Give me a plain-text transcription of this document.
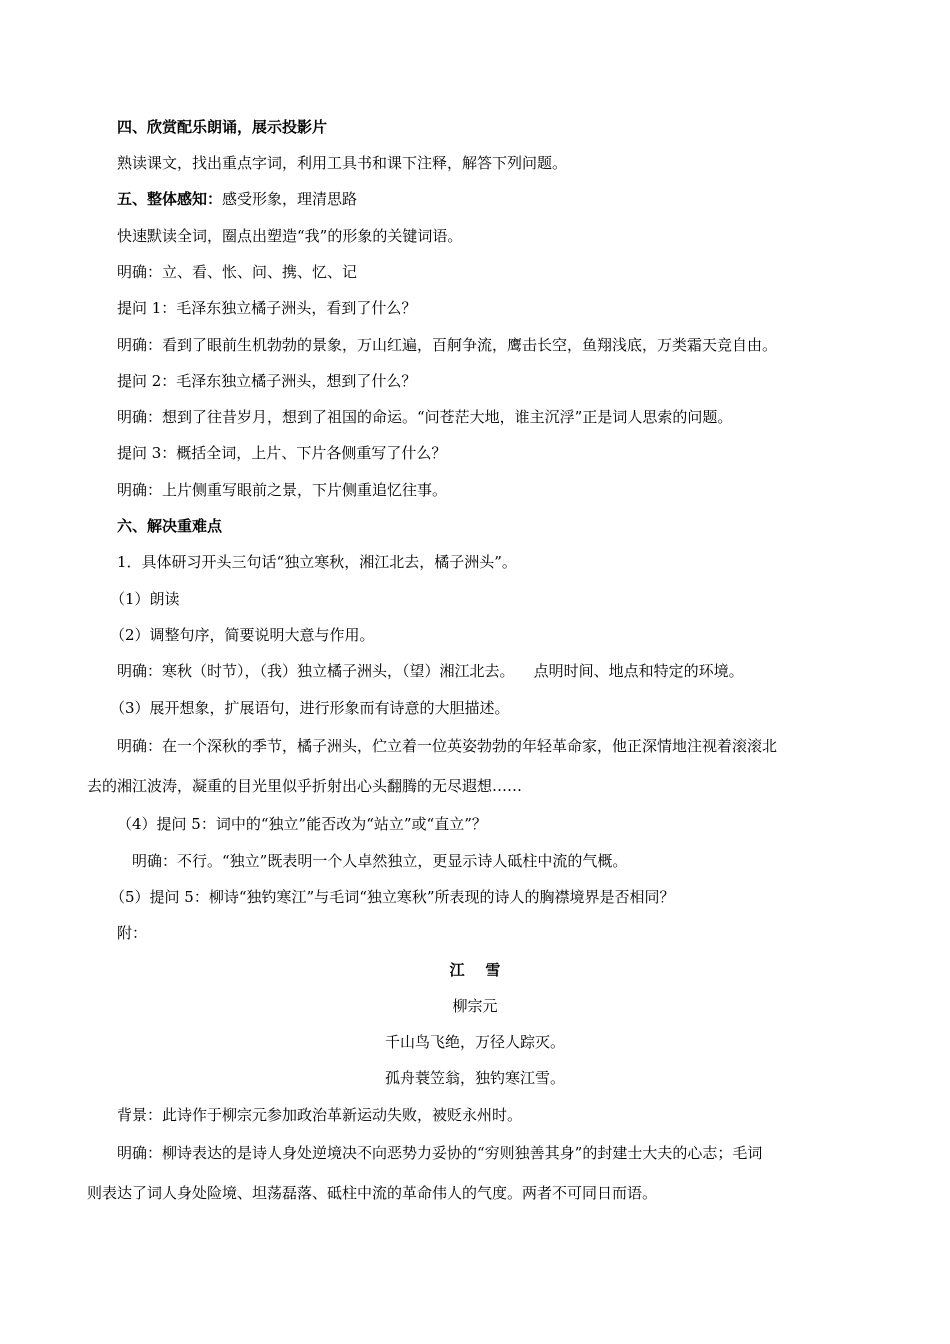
四、欣赏配乐朗诵，展示投影片
熟读课文，找出重点字词，利用工具书和课下注释，解答下列问题。
五、整体感知：感受形象，理清思路
快速默读全词，圈点出塑造“我”的形象的关键词语。
明确：立、看、怅、问、携、忆、记
提问 1：毛泽东独立橘子洲头，看到了什么？
明确：看到了眼前生机勃勃的景象，万山红遍，百舸争流，鹰击长空，鱼翔浅底，万类霜天竞自由。
提问 2：毛泽东独立橘子洲头，想到了什么？
明确：想到了往昔岁月，想到了祖国的命运。“问苍茫大地，谁主沉浮”正是词人思索的问题。
提问 3：概括全词，上片、下片各侧重写了什么？
明确：上片侧重写眼前之景，下片侧重追忆往事。
六、解决重难点
1．具体研习开头三句话“独立寒秋，湘江北去，橘子洲头”。
（1）朗读
（2）调整句序，简要说明大意与作用。
明确：寒秋（时节），（我）独立橘子洲头，（望）湘江北去。    点明时间、地点和特定的环境。
（3）展开想象，扩展语句，进行形象而有诗意的大胆描述。
明确：在一个深秋的季节，橘子洲头，伫立着一位英姿勃勃的年轻革命家，他正深情地注视着滚滚北
去的湘江波涛，凝重的目光里似乎折射出心头翻腾的无尽遐想……
（4）提问 5：词中的“独立”能否改为“站立”或“直立”？
明确：不行。“独立”既表明一个人卓然独立，更显示诗人砥柱中流的气概。
（5）提问 5：柳诗“独钓寒江”与毛词“独立寒秋”所表现的诗人的胸襟境界是否相同？
附：
江    雪
柳宗元
千山鸟飞绝，万径人踪灭。
孤舟蓑笠翁，独钓寒江雪。
背景：此诗作于柳宗元参加政治革新运动失败，被贬永州时。
明确：柳诗表达的是诗人身处逆境决不向恶势力妥协的“穷则独善其身”的封建士大夫的心志；毛词
则表达了词人身处险境、坦荡磊落、砥柱中流的革命伟人的气度。两者不可同日而语。
